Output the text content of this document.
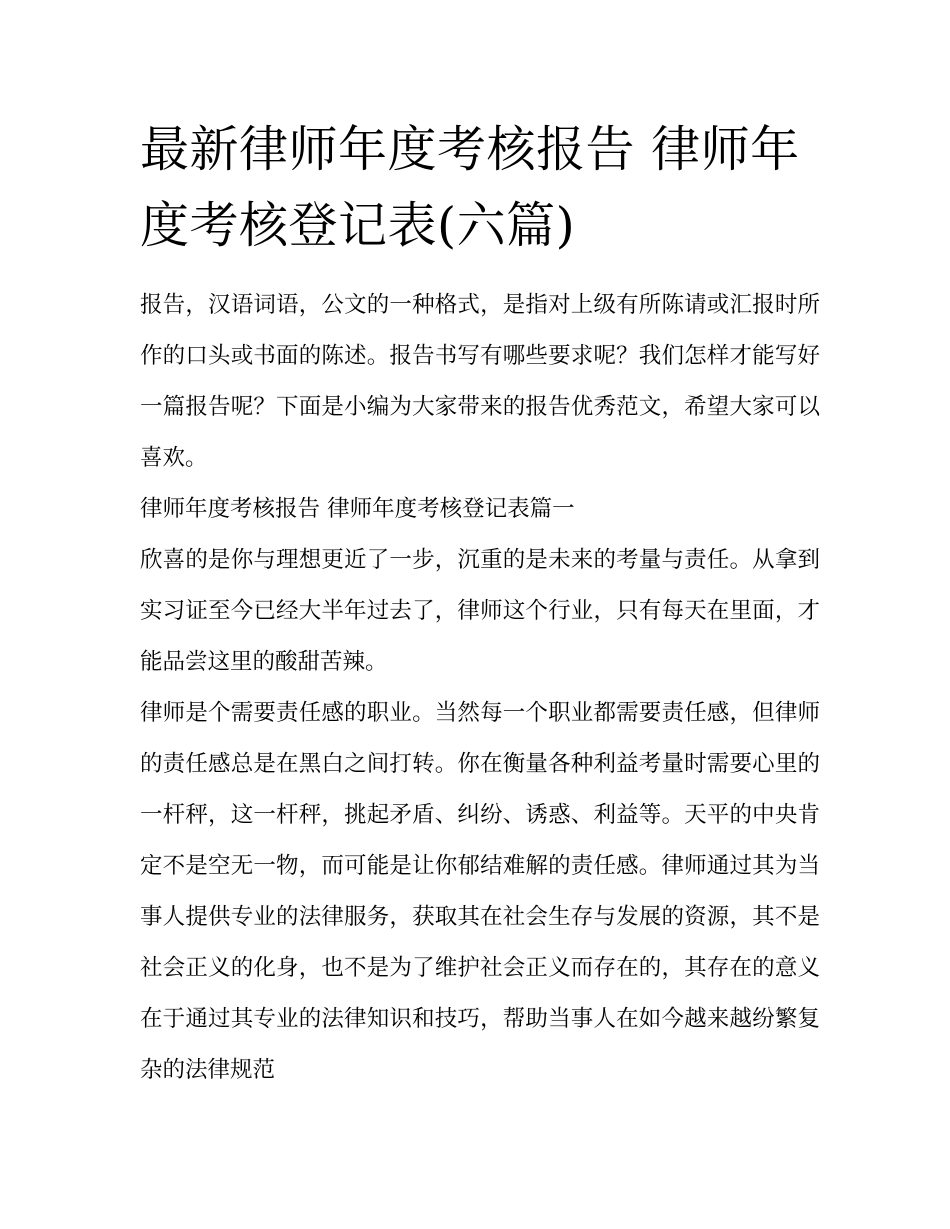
最新律师年度考核报告 律师年度考核登记表(六篇)

报告，汉语词语，公文的一种格式，是指对上级有所陈请或汇报时所作的口头或书面的陈述。报告书写有哪些要求呢？我们怎样才能写好一篇报告呢？下面是小编为大家带来的报告优秀范文，希望大家可以喜欢。

律师年度考核报告 律师年度考核登记表篇一

欣喜的是你与理想更近了一步，沉重的是未来的考量与责任。从拿到实习证至今已经大半年过去了，律师这个行业，只有每天在里面，才能品尝这里的酸甜苦辣。

律师是个需要责任感的职业。当然每一个职业都需要责任感，但律师的责任感总是在黑白之间打转。你在衡量各种利益考量时需要心里的一杆秤，这一杆秤，挑起矛盾、纠纷、诱惑、利益等。天平的中央肯定不是空无一物，而可能是让你郁结难解的责任感。律师通过其为当事人提供专业的法律服务，获取其在社会生存与发展的资源，其不是社会正义的化身，也不是为了维护社会正义而存在的，其存在的意义在于通过其专业的法律知识和技巧，帮助当事人在如今越来越纷繁复杂的法律规范
